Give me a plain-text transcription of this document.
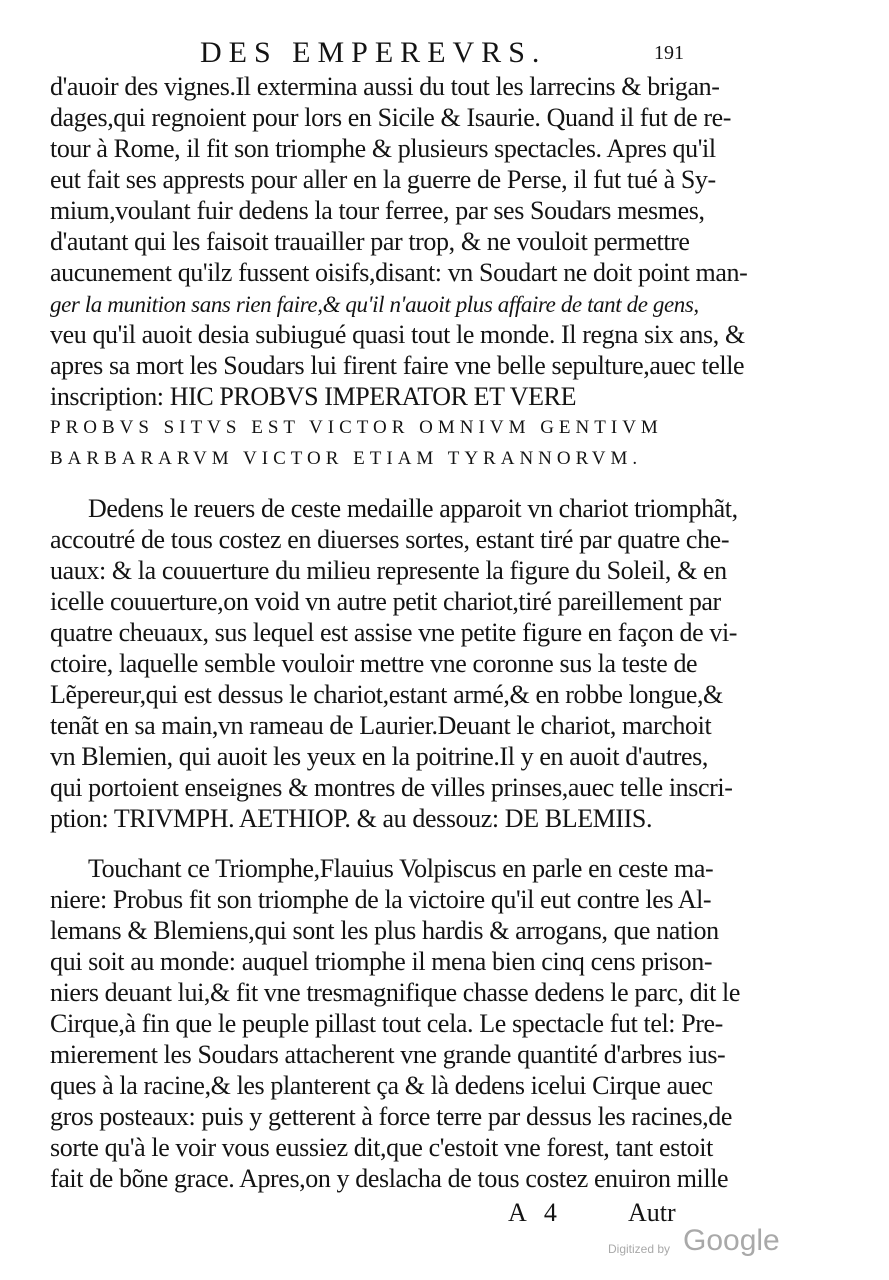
DES EMPEREVRS.	191
d'auoir des vignes.Il extermina aussi du tout les larrecins & brigan-
dages,qui regnoient pour lors en Sicile & Isaurie. Quand il fut de re-
tour à Rome, il fit son triomphe & plusieurs spectacles. Apres qu'il
eut fait ses apprests pour aller en la guerre de Perse, il fut tué à Sy-
mium,voulant fuir dedens la tour ferree, par ses Soudars mesmes,
d'autant qui les faisoit trauailler par trop, & ne vouloit permettre
aucunement qu'ilz fussent oisifs,disant: vn Soudart ne doit point man-
ger la munition sans rien faire,& qu'il n'auoit plus affaire de tant de gens,
veu qu'il auoit desia subiugué quasi tout le monde. Il regna six ans, &
apres sa mort les Soudars lui firent faire vne belle sepulture,auec telle
inscription: HIC PROBVS IMPERATOR ET VERE
PROBVS SITVS EST VICTOR OMNIVM GENTIVM
BARBARARVM VICTOR ETIAM TYRANNORVM.
Dedens le reuers de ceste medaille apparoit vn chariot triomphãt,
accoutré de tous costez en diuerses sortes, estant tiré par quatre che-
uaux: & la couuerture du milieu represente la figure du Soleil, & en
icelle couuerture,on void vn autre petit chariot,tiré pareillement par
quatre cheuaux, sus lequel est assise vne petite figure en façon de vi-
ctoire, laquelle semble vouloir mettre vne coronne sus la teste de
Lẽpereur,qui est dessus le chariot,estant armé,& en robbe longue,&
tenãt en sa main,vn rameau de Laurier.Deuant le chariot, marchoit
vn Blemien, qui auoit les yeux en la poitrine.Il y en auoit d'autres,
qui portoient enseignes & montres de villes prinses,auec telle inscri-
ption: TRIVMPH. AETHIOP. & au dessouz: DE BLEMIIS.
Touchant ce Triomphe,Flauius Volpiscus en parle en ceste ma-
niere: Probus fit son triomphe de la victoire qu'il eut contre les Al-
lemans & Blemiens,qui sont les plus hardis & arrogans, que nation
qui soit au monde: auquel triomphe il mena bien cinq cens prison-
niers deuant lui,& fit vne tresmagnifique chasse dedens le parc, dit le
Cirque,à fin que le peuple pillast tout cela. Le spectacle fut tel: Pre-
mierement les Soudars attacherent vne grande quantité d'arbres ius-
ques à la racine,& les planterent ça & là dedens icelui Cirque auec
gros posteaux: puis y getterent à force terre par dessus les racines,de
sorte qu'à le voir vous eussiez dit,que c'estoit vne forest, tant estoit
fait de bõne grace. Apres,on y deslacha de tous costez enuiron mille
A 4	Autr
Digitized by Google
